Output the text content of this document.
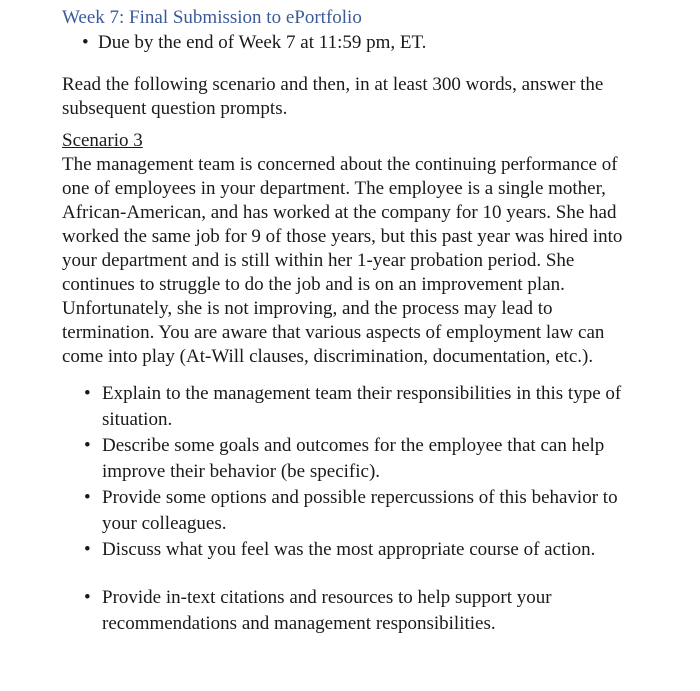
Week 7: Final Submission to ePortfolio

• Due by the end of Week 7 at 11:59 pm, ET.

Read the following scenario and then, in at least 300 words, answer the subsequent question prompts.

Scenario 3

The management team is concerned about the continuing performance of one of employees in your department. The employee is a single mother, African-American, and has worked at the company for 10 years. She had worked the same job for 9 of those years, but this past year was hired into your department and is still within her 1-year probation period. She continues to struggle to do the job and is on an improvement plan. Unfortunately, she is not improving, and the process may lead to termination. You are aware that various aspects of employment law can come into play (At-Will clauses, discrimination, documentation, etc.).

• Explain to the management team their responsibilities in this type of situation.
• Describe some goals and outcomes for the employee that can help improve their behavior (be specific).
• Provide some options and possible repercussions of this behavior to your colleagues.
• Discuss what you feel was the most appropriate course of action.
• Provide in-text citations and resources to help support your recommendations and management responsibilities.
